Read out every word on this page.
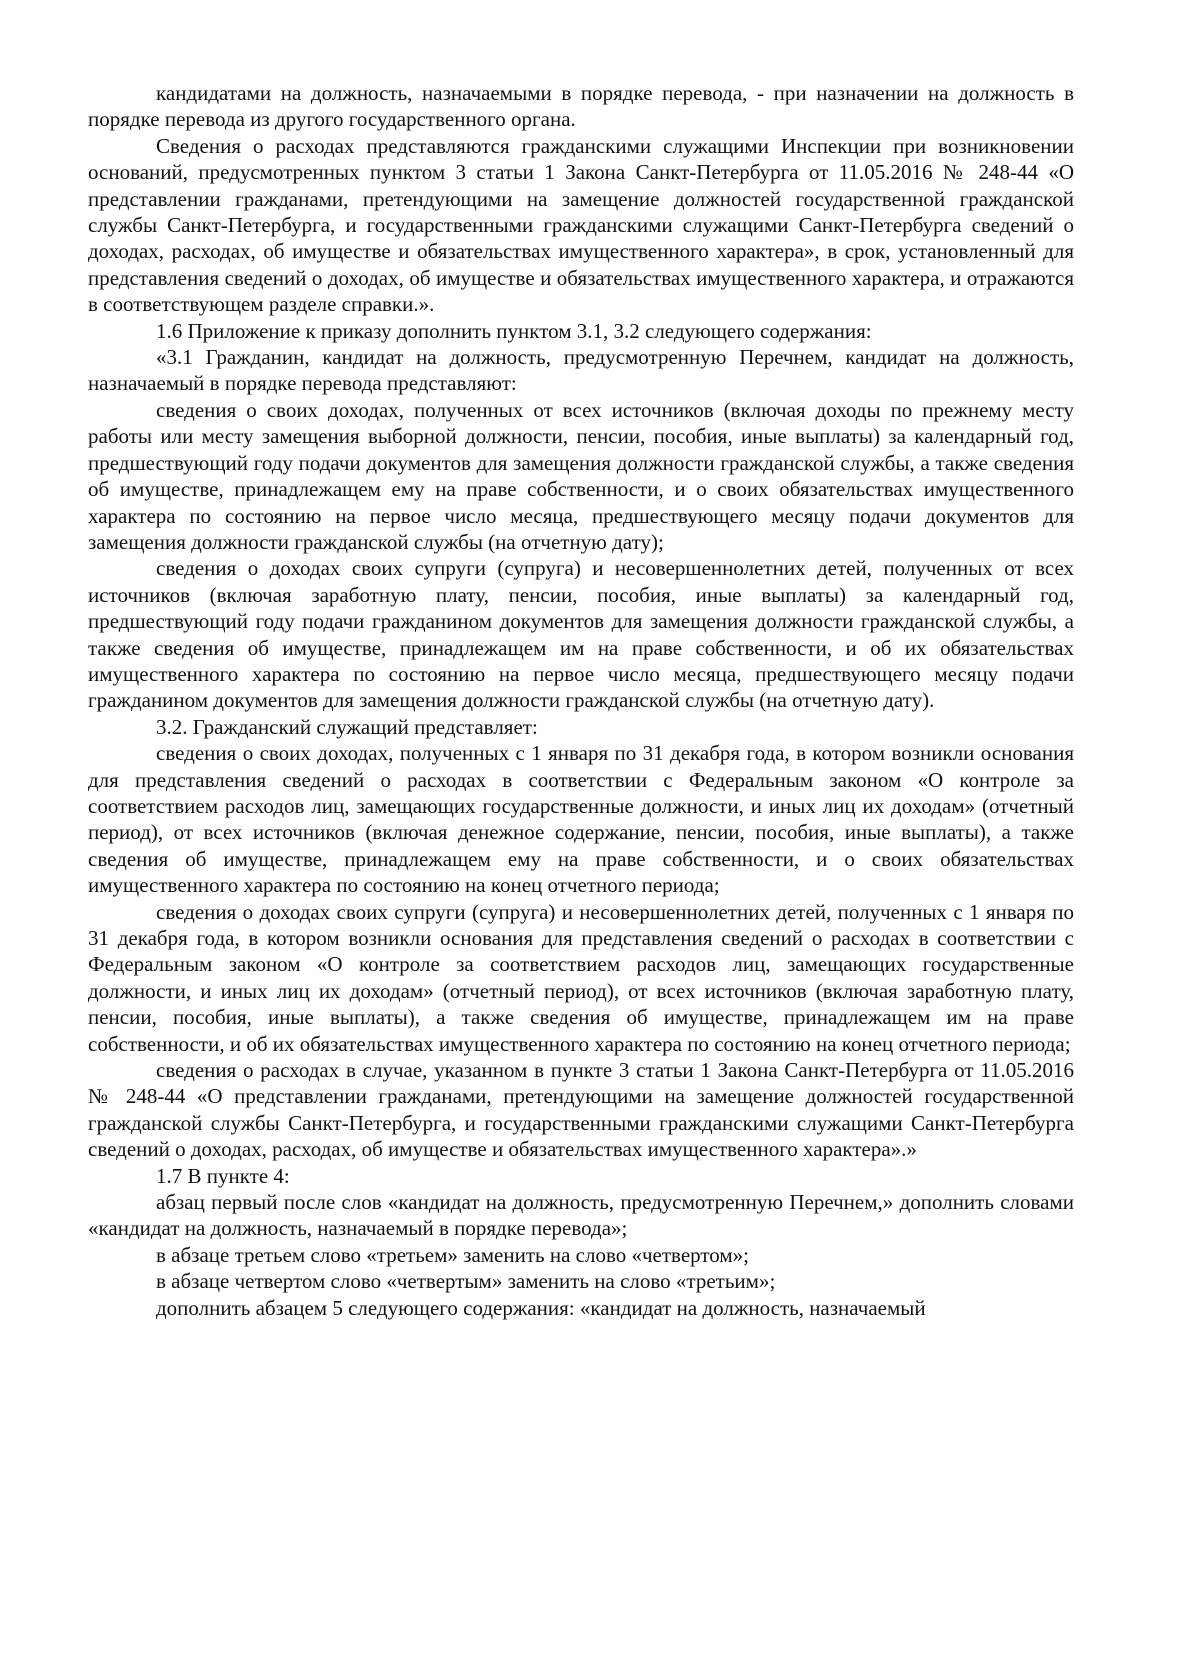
кандидатами на должность, назначаемыми в порядке перевода, - при назначении на должность в порядке перевода из другого государственного органа.

Сведения о расходах представляются гражданскими служащими Инспекции при возникновении оснований, предусмотренных пунктом 3 статьи 1 Закона Санкт-Петербурга от 11.05.2016 № 248-44 «О представлении гражданами, претендующими на замещение должностей государственной гражданской службы Санкт-Петербурга, и государственными гражданскими служащими Санкт-Петербурга сведений о доходах, расходах, об имуществе и обязательствах имущественного характера», в срок, установленный для представления сведений о доходах, об имуществе и обязательствах имущественного характера, и отражаются в соответствующем разделе справки.».

1.6 Приложение к приказу дополнить пунктом 3.1, 3.2 следующего содержания:

«3.1 Гражданин, кандидат на должность, предусмотренную Перечнем, кандидат на должность, назначаемый в порядке перевода представляют:

сведения о своих доходах, полученных от всех источников (включая доходы по прежнему месту работы или месту замещения выборной должности, пенсии, пособия, иные выплаты) за календарный год, предшествующий году подачи документов для замещения должности гражданской службы, а также сведения об имуществе, принадлежащем ему на праве собственности, и о своих обязательствах имущественного характера по состоянию на первое число месяца, предшествующего месяцу подачи документов для замещения должности гражданской службы (на отчетную дату);

сведения о доходах своих супруги (супруга) и несовершеннолетних детей, полученных от всех источников (включая заработную плату, пенсии, пособия, иные выплаты) за календарный год, предшествующий году подачи гражданином документов для замещения должности гражданской службы, а также сведения об имуществе, принадлежащем им на праве собственности, и об их обязательствах имущественного характера по состоянию на первое число месяца, предшествующего месяцу подачи гражданином документов для замещения должности гражданской службы (на отчетную дату).

3.2. Гражданский служащий представляет:

сведения о своих доходах, полученных с 1 января по 31 декабря года, в котором возникли основания для представления сведений о расходах в соответствии с Федеральным законом «О контроле за соответствием расходов лиц, замещающих государственные должности, и иных лиц их доходам» (отчетный период), от всех источников (включая денежное содержание, пенсии, пособия, иные выплаты), а также сведения об имуществе, принадлежащем ему на праве собственности, и о своих обязательствах имущественного характера по состоянию на конец отчетного периода;

сведения о доходах своих супруги (супруга) и несовершеннолетних детей, полученных с 1 января по 31 декабря года, в котором возникли основания для представления сведений о расходах в соответствии с Федеральным законом «О контроле за соответствием расходов лиц, замещающих государственные должности, и иных лиц их доходам» (отчетный период), от всех источников (включая заработную плату, пенсии, пособия, иные выплаты), а также сведения об имуществе, принадлежащем им на праве собственности, и об их обязательствах имущественного характера по состоянию на конец отчетного периода;

сведения о расходах в случае, указанном в пункте 3 статьи 1 Закона Санкт-Петербурга от 11.05.2016 № 248-44 «О представлении гражданами, претендующими на замещение должностей государственной гражданской службы Санкт-Петербурга, и государственными гражданскими служащими Санкт-Петербурга сведений о доходах, расходах, об имуществе и обязательствах имущественного характера».»

1.7 В пункте 4:

абзац первый после слов «кандидат на должность, предусмотренную Перечнем,» дополнить словами «кандидат на должность, назначаемый в порядке перевода»;

в абзаце третьем слово «третьем» заменить на слово «четвертом»;

в абзаце четвертом слово «четвертым» заменить на слово «третьим»;

дополнить абзацем 5 следующего содержания: «кандидат на должность, назначаемый
